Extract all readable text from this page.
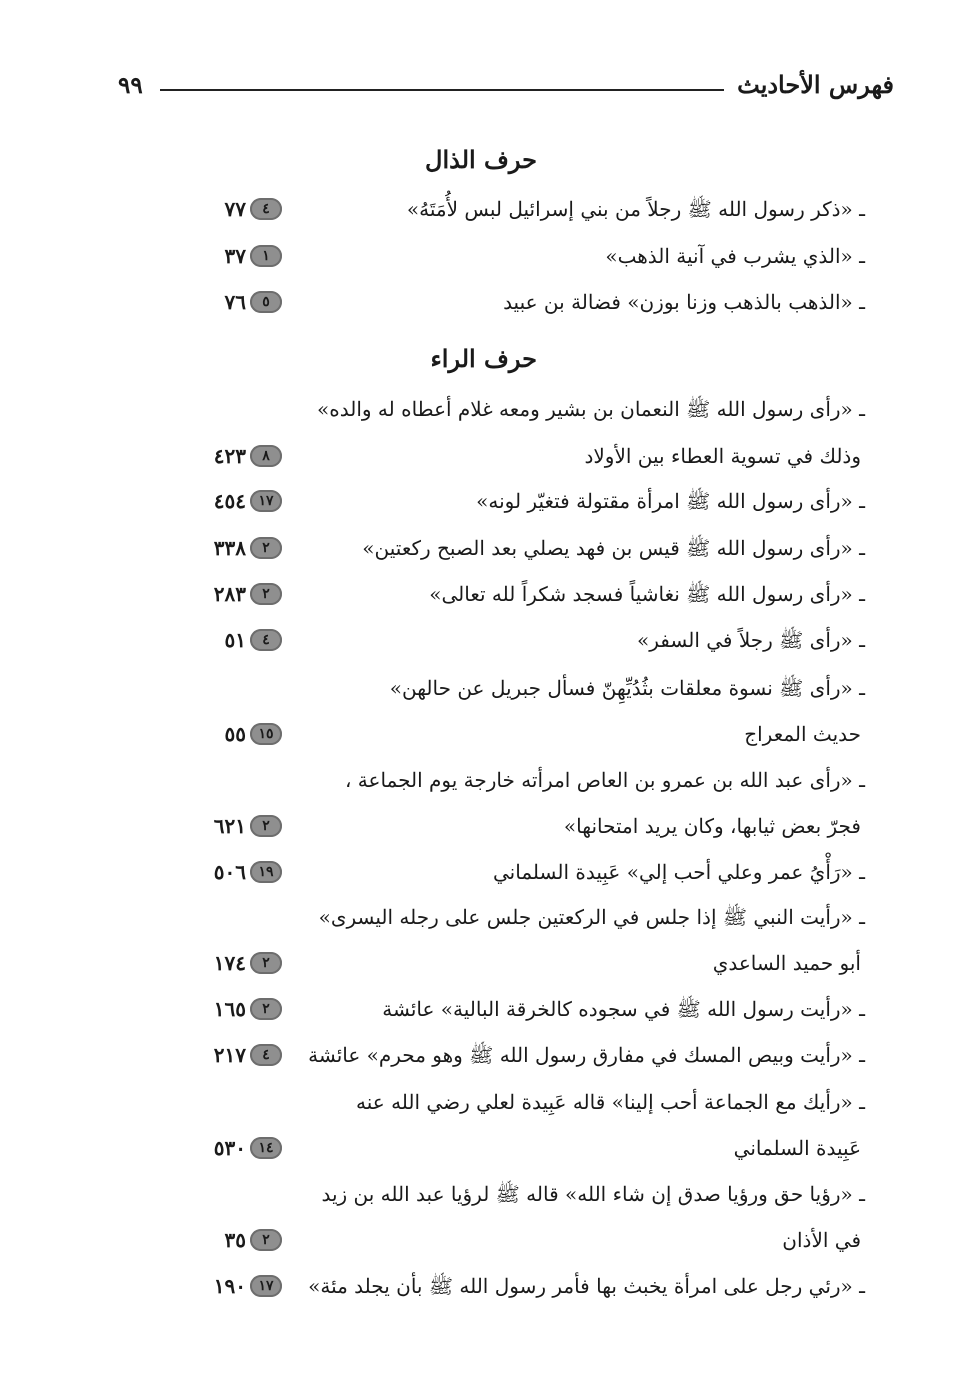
فهرس الأحاديث
٩٩
حرف الذال
ـ «ذكر رسول الله ﷺ رجلاً من بني إسرائيل لبس لأُمَتَهُ»
٧٧	٤
ـ «الذي يشرب في آنية الذهب»
٣٧	١
ـ «الذهب بالذهب وزنا بوزن» فضالة بن عبيد
٧٦	٥
حرف الراء
ـ «رأى رسول الله ﷺ النعمان بن بشير ومعه غلام أعطاه له والده»
وذلك في تسوية العطاء بين الأولاد
٤٢٣	٨
ـ «رأى رسول الله ﷺ امرأة مقتولة فتغيّر لونه»
٤٥٤ ١٧
ـ «رأى رسول الله ﷺ قيس بن فهد يصلي بعد الصبح ركعتين»
٣٣٨	٢
ـ «رأى رسول الله ﷺ نغاشياً فسجد شكراً لله تعالى»
٢٨٣	٢
ـ «رأى ﷺ رجلاً في السفر»
٥١	٤
ـ «رأى ﷺ نسوة معلقات بثُدُيِّهِنّ فسأل جبريل عن حالهن»
حديث المعراج
٥٥ ١٥
ـ «رأى عبد الله بن عمرو بن العاص امرأته خارجة يوم الجماعة ،
فجرّ بعض ثيابها، وكان يريد امتحانها»
٦٢١	٢
ـ «رَأْيُ عمر وعلي أحب إلي» عَبِيدة السلماني
٥٠٦ ١٩
ـ «رأيت النبي ﷺ إذا جلس في الركعتين جلس على رجله اليسرى»
أبو حميد الساعدي
١٧٤	٢
ـ «رأيت رسول الله ﷺ في سجوده كالخرقة البالية» عائشة
١٦٥	٢
ـ «رأيت وبيص المسك في مفارق رسول الله ﷺ وهو محرم» عائشة
٢١٧	٤
ـ «رأيك مع الجماعة أحب إلينا» قاله عَبِيدة لعلي رضي الله عنه
عَبِيدة السلماني
٥٣٠ ١٤
ـ «رؤيا حق ورؤيا صدق إن شاء الله» قاله ﷺ لرؤيا عبد الله بن زيد
في الأذان
٣٥	٢
ـ «رئي رجل على امرأة يخبث بها فأمر رسول الله ﷺ بأن يجلد مئة»
١٩٠ ١٧
